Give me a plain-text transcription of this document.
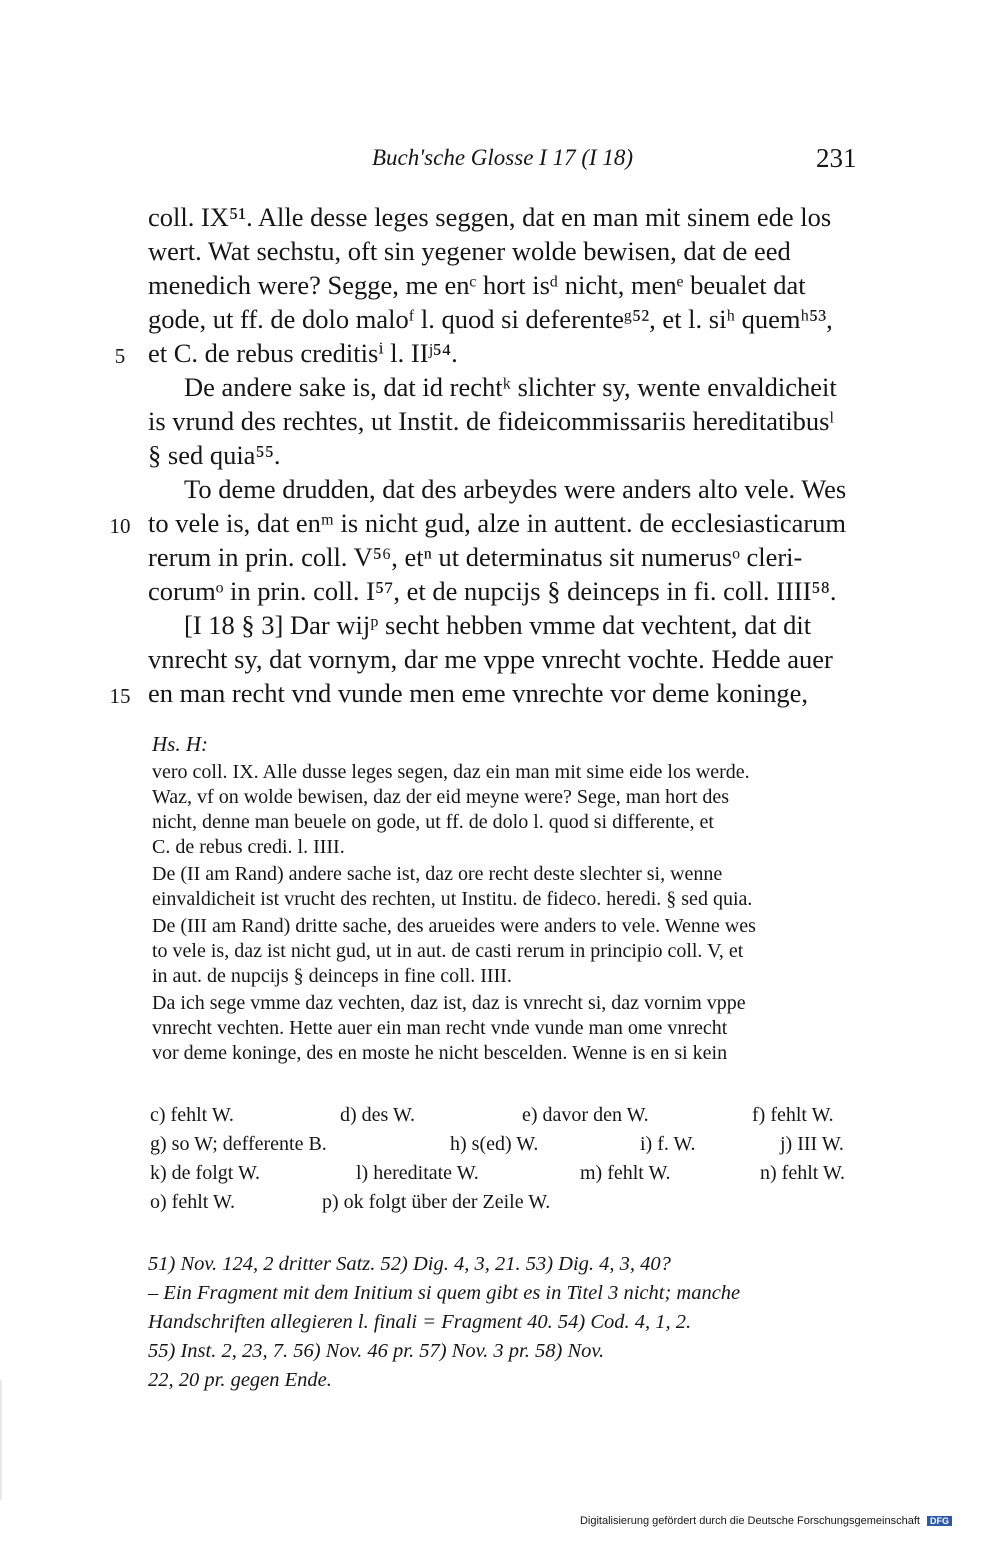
Buch'sche Glosse I 17 (I 18)	231
coll. IX⁵¹. Alle desse leges seggen, dat en man mit sinem ede los
wert. Wat sechstu, oft sin yegener wolde bewisen, dat de eed
menedich were? Segge, me enᶜ hort isᵈ nicht, menᵉ beualet dat
gode, ut ff. de dolo maloᶠ l. quod si deferenteᵍ⁵², et l. siʰ quemʰ⁵³,
et C. de rebus creditisⁱ l. IIʲ⁵⁴.
De andere sake is, dat id rechtᵏ slichter sy, wente envaldicheit
is vrund des rechtes, ut Instit. de fideicommissariis hereditatibusˡ
§ sed quia⁵⁵.
To deme drudden, dat des arbeydes were anders alto vele. Wes
to vele is, dat enᵐ is nicht gud, alze in auttent. de ecclesiasticarum
rerum in prin. coll. V⁵⁶, etⁿ ut determinatus sit numerusᵒ cleri-
corumᵒ in prin. coll. I⁵⁷, et de nupcijs § deinceps in fi. coll. IIII⁵⁸.
[I 18 § 3] Dar wijᵖ secht hebben vmme dat vechtent, dat dit
vnrecht sy, dat vornym, dar me vppe vnrecht vochte. Hedde auer
en man recht vnd vunde men eme vnrechte vor deme koninge,
5
10
15
Hs. H:
vero coll. IX. Alle dusse leges segen, daz ein man mit sime eide los werde.
Waz, vf on wolde bewisen, daz der eid meyne were? Sege, man hort des
nicht, denne man beuele on gode, ut ff. de dolo l. quod si differente, et
C. de rebus credi. l. IIII.
De (II am Rand) andere sache ist, daz ore recht deste slechter si, wenne
einvaldicheit ist vrucht des rechten, ut Institu. de fideco. heredi. § sed quia.
De (III am Rand) dritte sache, des arueides were anders to vele. Wenne wes
to vele is, daz ist nicht gud, ut in aut. de casti rerum in principio coll. V, et
in aut. de nupcijs § deinceps in fine coll. IIII.
Da ich sege vmme daz vechten, daz ist, daz is vnrecht si, daz vornim vppe
vnrecht vechten. Hette auer ein man recht vnde vunde man ome vnrecht
vor deme koninge, des en moste he nicht bescelden. Wenne is en si kein
c) fehlt W.	d) des W.	e) davor den W.	f) fehlt W.
g) so W; defferente B.	h) s(ed) W.	i) f. W.	j) III W.
k) de folgt W.	l) hereditate W.	m) fehlt W.	n) fehlt W.
o) fehlt W.	p) ok folgt über der Zeile W.
51) Nov. 124, 2 dritter Satz. 52) Dig. 4, 3, 21. 53) Dig. 4, 3, 40?
– Ein Fragment mit dem Initium si quem gibt es in Titel 3 nicht; manche
Handschriften allegieren l. finali = Fragment 40. 54) Cod. 4, 1, 2.
55) Inst. 2, 23, 7. 56) Nov. 46 pr. 57) Nov. 3 pr. 58) Nov.
22, 20 pr. gegen Ende.
Digitalisierung gefördert durch die Deutsche Forschungsgemeinschaft DFG
